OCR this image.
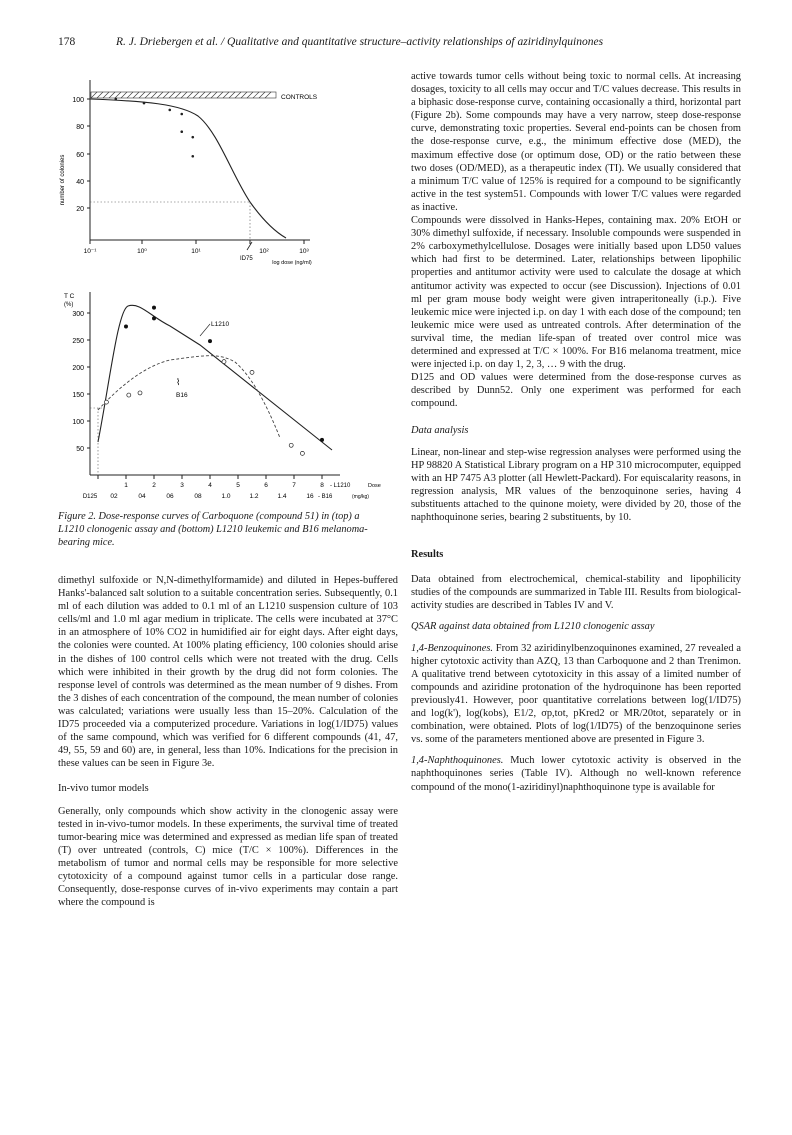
178	R. J. Driebergen et al. / Qualitative and quantitative structure–activity relationships of aziridinylquinones
number of colonies
100
80
60
40
20
CONTROLS
ID75
10⁻¹	10⁰	10¹	10²	10³
log dose (ng/ml)
T C
(%)
300
250
200
150
100
50
L1210
B16
⌇
1	2	3	4	5	6	7	8
02	04	06	08	1.0	1.2	1.4	16
D125
- L1210
- B16
Dose
(mg/kg)
Figure 2. Dose-response curves of Carboquone (compound 51) in (top) a L1210 clonogenic assay and (bottom) L1210 leukemic and B16 melanoma-bearing mice.

dimethyl sulfoxide or N,N-dimethylformamide) and diluted in Hepes-buffered Hanks'-balanced salt solution to a suitable concentration series. Subsequently, 0.1 ml of each dilution was added to 0.1 ml of an L1210 suspension culture of 103 cells/ml and 1.0 ml agar medium in triplicate. The cells were incubated at 37°C in an atmosphere of 10% CO2 in humidified air for eight days. After eight days, the colonies were counted. At 100% plating efficiency, 100 colonies should arise in the dishes of 100 control cells which were not treated with the drug. Cells which were inhibited in their growth by the drug did not form colonies. The response level of controls was determined as the mean number of 9 dishes. From the 3 dishes of each concentration of the compound, the mean number of colonies was calculated; variations were usually less than 15–20%. Calculation of the ID75 proceeded via a computerized procedure. Variations in log(1/ID75) values of the same compound, which was verified for 6 different compounds (41, 47, 49, 55, 59 and 60) are, in general, less than 10%. Indications for the precision in these values can be seen in Figure 3e.

In-vivo tumor models

Generally, only compounds which show activity in the clonogenic assay were tested in in-vivo-tumor models. In these experiments, the survival time of treated tumor-bearing mice was determined and expressed as median life span of treated (T) over untreated (controls, C) mice (T/C × 100%). Differences in the metabolism of tumor and normal cells may be responsible for more selective cytotoxicity of a compound against tumor cells in a particular dose range. Consequently, dose-response curves of in-vivo experiments may contain a part where the compound is

active towards tumor cells without being toxic to normal cells. At increasing dosages, toxicity to all cells may occur and T/C values decrease. This results in a biphasic dose-response curve, containing occasionally a third, horizontal part (Figure 2b). Some compounds may have a very narrow, steep dose-response curve, demonstrating toxic properties. Several end-points can be chosen from the dose-response curve, e.g., the minimum effective dose (MED), the maximum effective dose (or optimum dose, OD) or the ratio between these two doses (OD/MED), as a therapeutic index (TI). We usually considered that a minimum T/C value of 125% is required for a compound to be significantly active in the test system51. Compounds with lower T/C values were regarded as inactive.

Compounds were dissolved in Hanks-Hepes, containing max. 20% EtOH or 30% dimethyl sulfoxide, if necessary. Insoluble compounds were suspended in 2% carboxymethylcellulose. Dosages were initially based upon LD50 values which had first to be determined. Later, relationships between lipophilic properties and antitumor activity were used to calculate the dosage at which antitumor activity was expected to occur (see Discussion). Injections of 0.01 ml per gram mouse body weight were given intraperitoneally (i.p.). Five leukemic mice were injected i.p. on day 1 with each dose of the compound; ten leukemic mice were used as untreated controls. After determination of the survival time, the median life-span of treated over control mice was determined and expressed at T/C × 100%. For B16 melanoma treatment, mice were injected i.p. on day 1, 2, 3, … 9 with the drug.

D125 and OD values were determined from the dose-response curves as described by Dunn52. Only one experiment was performed for each compound.

Data analysis

Linear, non-linear and step-wise regression analyses were performed using the HP 98820 A Statistical Library program on a HP 310 microcomputer, equipped with an HP 7475 A3 plotter (all Hewlett-Packard). For equiscalarity reasons, in regression analysis, MR values of the benzoquinone series, having 4 substituents attached to the quinone moiety, were divided by 20, those of the naphthoquinone series, bearing 2 substituents, by 10.

Results

Data obtained from electrochemical, chemical-stability and lipophilicity studies of the compounds are summarized in Table III. Results from biological-activity studies are described in Tables IV and V.

QSAR against data obtained from L1210 clonogenic assay

1,4-Benzoquinones. From 32 aziridinylbenzoquinones examined, 27 revealed a higher cytotoxic activity than AZQ, 13 than Carboquone and 2 than Trenimon. A qualitative trend between cytotoxicity in this assay of a limited number of compounds and aziridine protonation of the hydroquinone has been reported previously41. However, poor quantitative correlations between log(1/ID75) and log(k'), log(kobs), E1/2, σp,tot, pKred2 or MR/20tot, separately or in combination, were obtained. Plots of log(1/ID75) of the benzoquinone series vs. some of the parameters mentioned above are presented in Figure 3.

1,4-Naphthoquinones. Much lower cytotoxic activity is observed in the naphthoquinones series (Table IV). Although no well-known reference compound of the mono(1-aziridinyl)naphthoquinone type is available for
